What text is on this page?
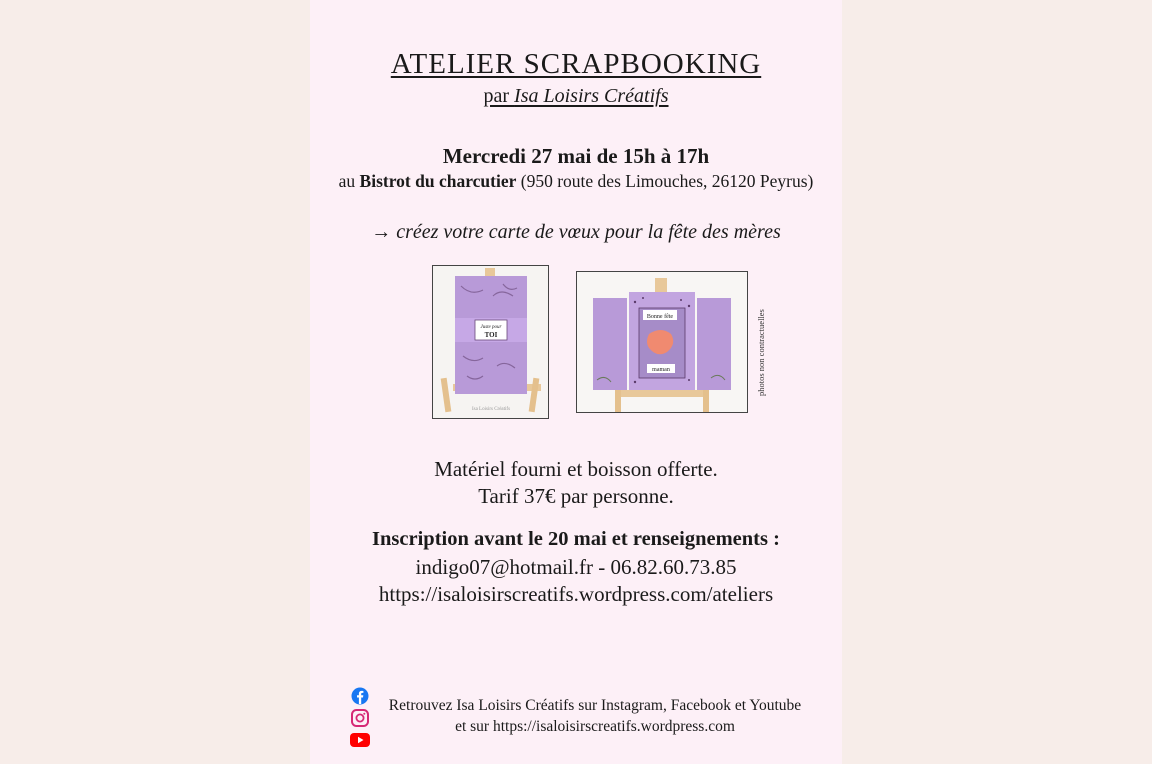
ATELIER SCRAPBOOKING
par Isa Loisirs Créatifs
Mercredi 27 mai de 15h à 17h
au Bistrot du charcutier (950 route des Limouches, 26120 Peyrus)
→ créez votre carte de vœux pour la fête des mères
Juste pour
TOI
Isa Loisirs Créatifs
Bonne fête
maman	photos non contractuelles
Matériel fourni et boisson offerte.
Tarif 37€ par personne.
Inscription avant le 20 mai et renseignements :
indigo07@hotmail.fr - 06.82.60.73.85
https://isaloisirscreatifs.wordpress.com/ateliers
Retrouvez Isa Loisirs Créatifs sur Instagram, Facebook et Youtube
et sur https://isaloisirscreatifs.wordpress.com
